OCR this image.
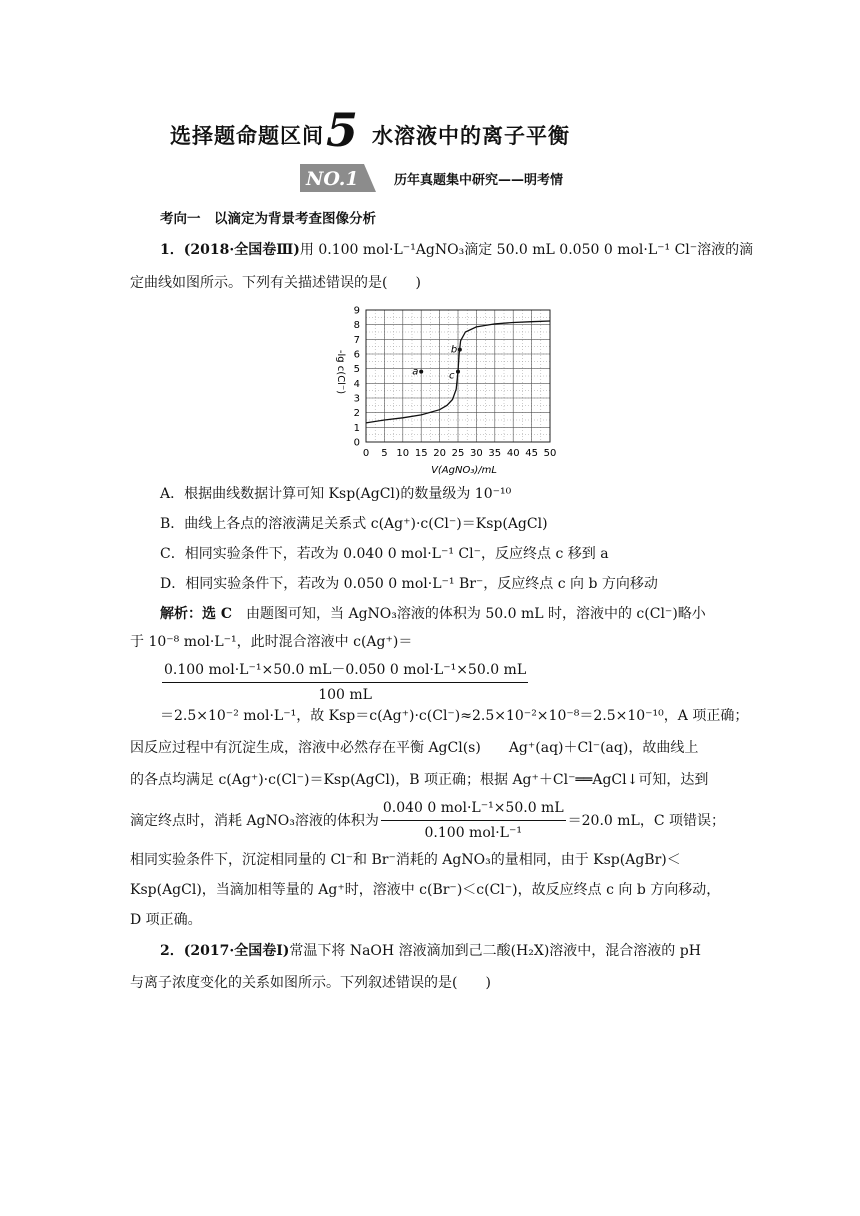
选择题命题区间 5 水溶液中的离子平衡
NO.1	历年真题集中研究——明考情
考向一　以滴定为背景考查图像分析
1．(2018·全国卷Ⅲ)用 0.100 mol·L⁻¹AgNO₃滴定 50.0 mL 0.050 0 mol·L⁻¹ Cl⁻溶液的滴
定曲线如图所示。下列有关描述错误的是(　　)
0 5 10 15 20 25 30 35 40 45 50
0
1
2
3
4
5
6
7
8
9
a
b
c
-lg c(Cl⁻)
V(AgNO₃)/mL
A．根据曲线数据计算可知 Ksp(AgCl)的数量级为 10⁻¹⁰
B．曲线上各点的溶液满足关系式 c(Ag⁺)·c(Cl⁻)＝Ksp(AgCl)
C．相同实验条件下，若改为 0.040 0 mol·L⁻¹ Cl⁻，反应终点 c 移到 a
D．相同实验条件下，若改为 0.050 0 mol·L⁻¹ Br⁻，反应终点 c 向 b 方向移动
解析：选 C　 由题图可知，当 AgNO₃溶液的体积为 50.0 mL 时，溶液中的 c(Cl⁻)略小
于 10⁻⁸ mol·L⁻¹，此时混合溶液中 c(Ag⁺)＝
$\frac{\text{0.100 mol·L⁻¹×50.0 mL－0.050 0 mol·L⁻¹×50.0 mL}}{100 mL}$
＝2.5×10⁻² mol·L⁻¹，故 Ksp＝c(Ag⁺)·c(Cl⁻)≈2.5×10⁻²×10⁻⁸＝2.5×10⁻¹⁰，A 项正确；
因反应过程中有沉淀生成，溶液中必然存在平衡 AgCl(s)　　Ag⁺(aq)＋Cl⁻(aq)，故曲线上
的各点均满足 c(Ag⁺)·c(Cl⁻)＝Ksp(AgCl)，B 项正确；根据 Ag⁺＋Cl⁻══AgCl↓可知，达到
滴定终点时，消耗 AgNO₃溶液的体积为 $\frac{\text{0.040 0 mol·L⁻¹×50.0 mL}}{\text{0.100 mol·L⁻¹}} =20.0$ mL，C 项错误；
相同实验条件下，沉淀相同量的 Cl⁻和 Br⁻消耗的 AgNO₃的量相同，由于 Ksp(AgBr)＜
Ksp(AgCl)，当滴加相等量的 Ag⁺时，溶液中 c(Br⁻)＜c(Cl⁻)，故反应终点 c 向 b 方向移动，
D 项正确。
2．(2017·全国卷Ⅰ)常温下将 NaOH 溶液滴加到己二酸(H₂X)溶液中，混合溶液的 pH
与离子浓度变化的关系如图所示。下列叙述错误的是(　　)
